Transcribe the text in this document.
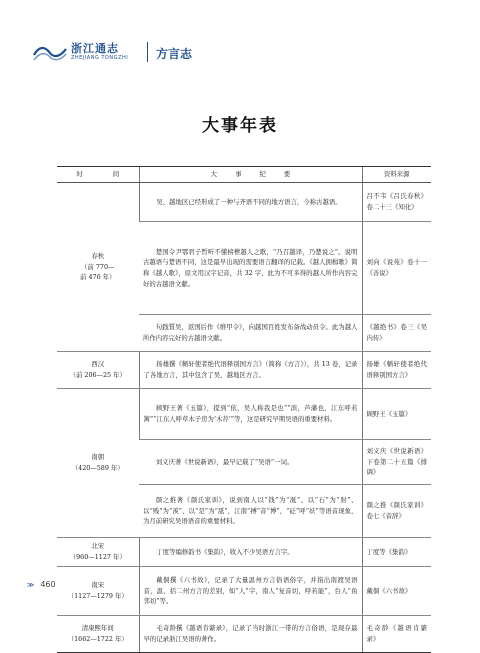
浙江通志
ZHEJIANG TONGZHI 方言志
大事年表
时 间	大 事 纪 要	资料来源

春秋
（前 770—
前 476 年）	吴、越地区已经形成了一种与齐语不同的地方语言，今称古越语。	吕不韦《吕氏春秋》卷二十三《知化》
	楚国令尹鄂君子晳听不懂榜枻越人之歌，“乃召越译，乃楚说之”。说明古越语与楚语不同，这是最早出现的需要语言翻译的记载。《越人拥楫歌》简称《越人歌》，原文用汉字记音，共 32 字，此为不可多得的越人所作内容完好的古越语文献。	刘向《说苑》卷十一《善说》
	句践質吴，返国后作《维甲令》，向越国百姓发布备战动员令。此为越人所作内容完好的古越语文献。	《越绝书》卷三《吴内传》

西汉
（前 206—25 年）	扬雄撰《輶轩使者绝代语释别国方言》（简称《方言》），共 13 卷，记录了各地方言，其中包含了吴、越地区方言。	扬雄《輶轩使者绝代语释别国方言》

南朝
（420—589 年）	顾野王著《玉篇》，提到“依，吴人称我是也”“滨，芦藩也，江东呼若篱”“江东人呼草木子房为‘木荐’”等，这是研究早期吴语的重要材料。	顾野王《玉篇》
	刘义庆著《世说新语》，最早记载了“吴语”一词。	刘义庆《世说新语》下卷第二十五篇《排调》
	颜之推著《颜氏家训》，说到南人以“钱”为“涎”、以“石”为“射”、以“贱”为“羡”、以“是”为“舐”，江南“搏”音“博”，“砭”呼“妖”等语音现象，为月前研究吴语语音的重要材料。	颜之推《颜氏家训》卷七《音辞》

北宋
（960—1127 年）	丁度等编修韵书《集韵》，收入不少吴语方言字。	丁度等《集韵》

南宋
（1127—1279 年）	戴侗撰《六书故》，记录了大量温州方言俗语俗字，并指出南渡吴语音，温、括二州方言的差别，如“人”字，南人“复音切，呼若能”，台人“鱼邻切”等。	戴侗《六书故》

清康熙年间
（1662—1722 年）	毛奇龄撰《越语肯綮录》，记录了当时浙江一带的方言俗语，是现存最早的记录浙江吴语的著作。	毛奇龄《越语肯綮录》
≫ 460
